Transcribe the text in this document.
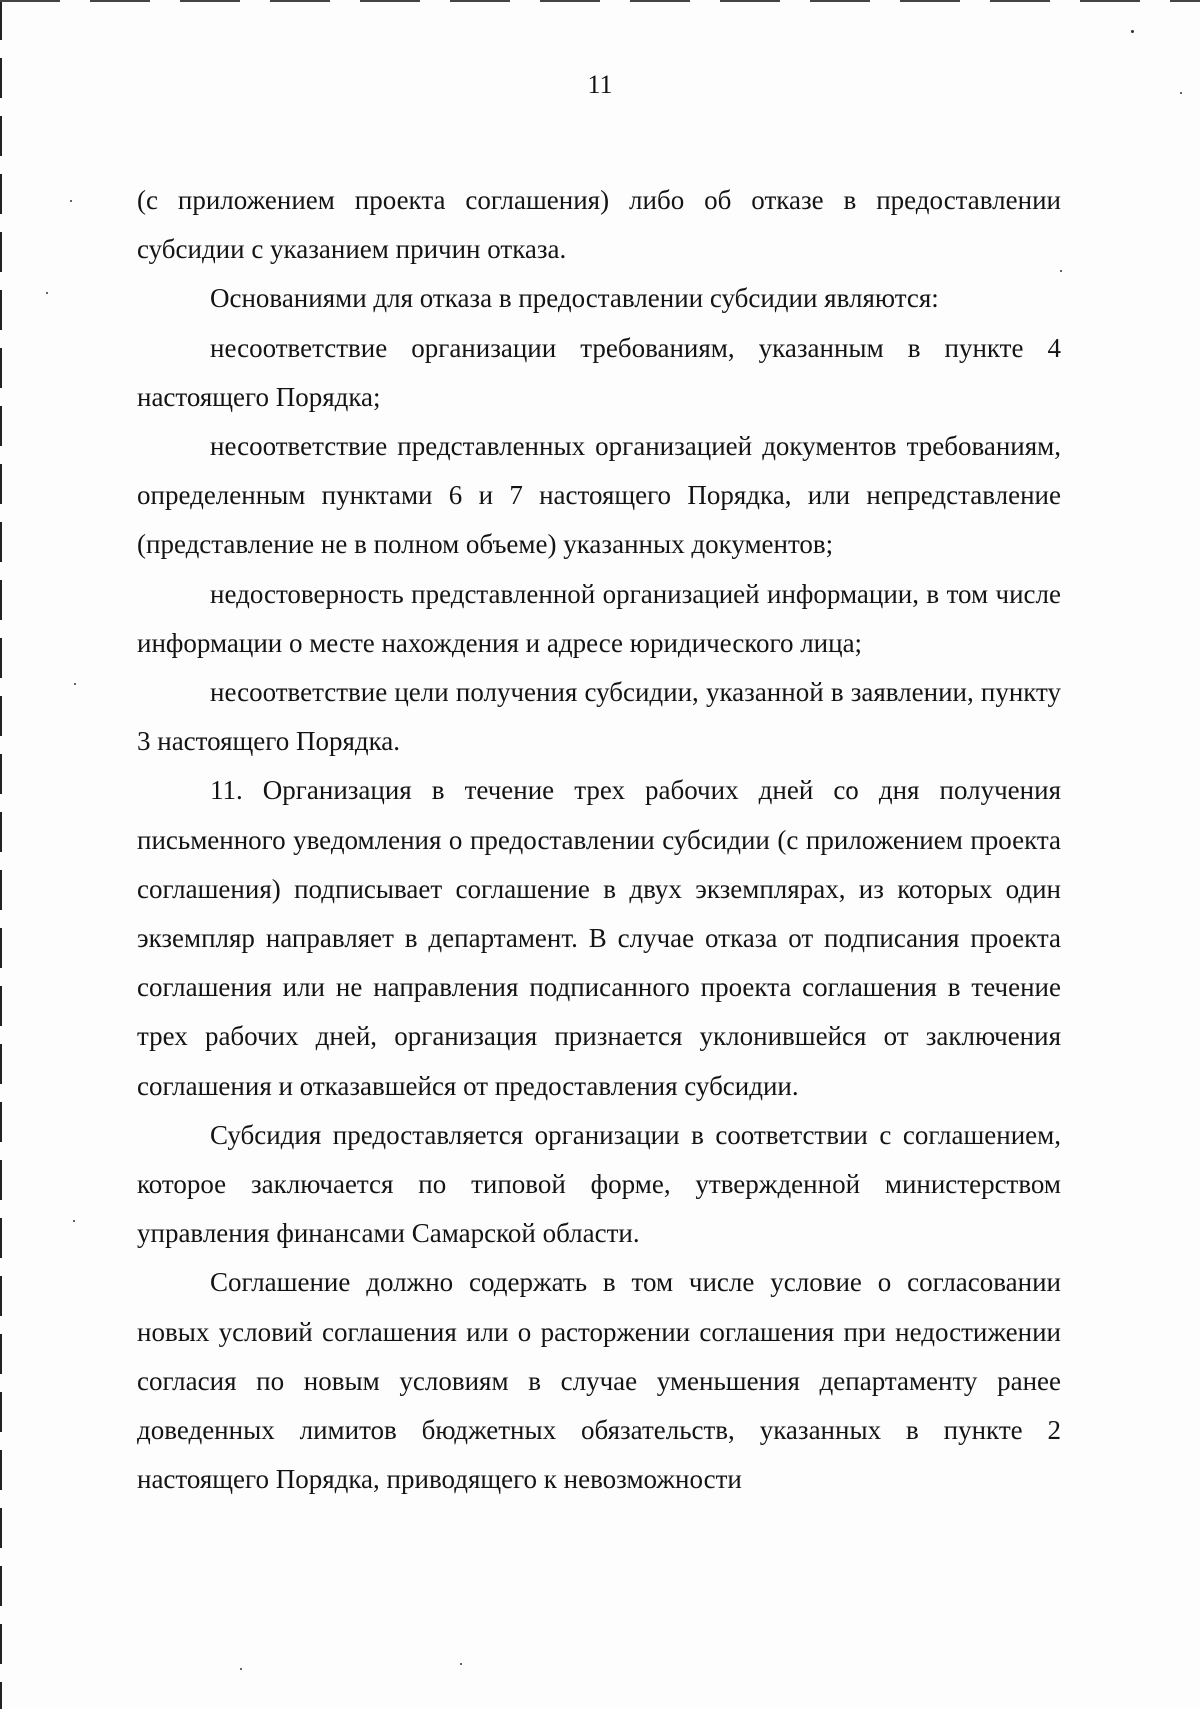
11

(с приложением проекта соглашения) либо об отказе в предоставлении субсидии с указанием причин отказа.

Основаниями для отказа в предоставлении субсидии являются:

несоответствие организации требованиям, указанным в пункте 4 настоящего Порядка;

несоответствие представленных организацией документов требованиям, определенным пунктами 6 и 7 настоящего Порядка, или непредставление (представление не в полном объеме) указанных документов;

недостоверность представленной организацией информации, в том числе информации о месте нахождения и адресе юридического лица;

несоответствие цели получения субсидии, указанной в заявлении, пункту 3 настоящего Порядка.

11. Организация в течение трех рабочих дней со дня получения письменного уведомления о предоставлении субсидии (с приложением проекта соглашения) подписывает соглашение в двух экземплярах, из которых один экземпляр направляет в департамент. В случае отказа от подписания проекта соглашения или не направления подписанного проекта соглашения в течение трех рабочих дней, организация признается уклонившейся от заключения соглашения и отказавшейся от предоставления субсидии.

Субсидия предоставляется организации в соответствии с соглашением, которое заключается по типовой форме, утвержденной министерством управления финансами Самарской области.

Соглашение должно содержать в том числе условие о согласовании новых условий соглашения или о расторжении соглашения при недостижении согласия по новым условиям в случае уменьшения департаменту ранее доведенных лимитов бюджетных обязательств, указанных в пункте 2 настоящего Порядка, приводящего к невозможности
